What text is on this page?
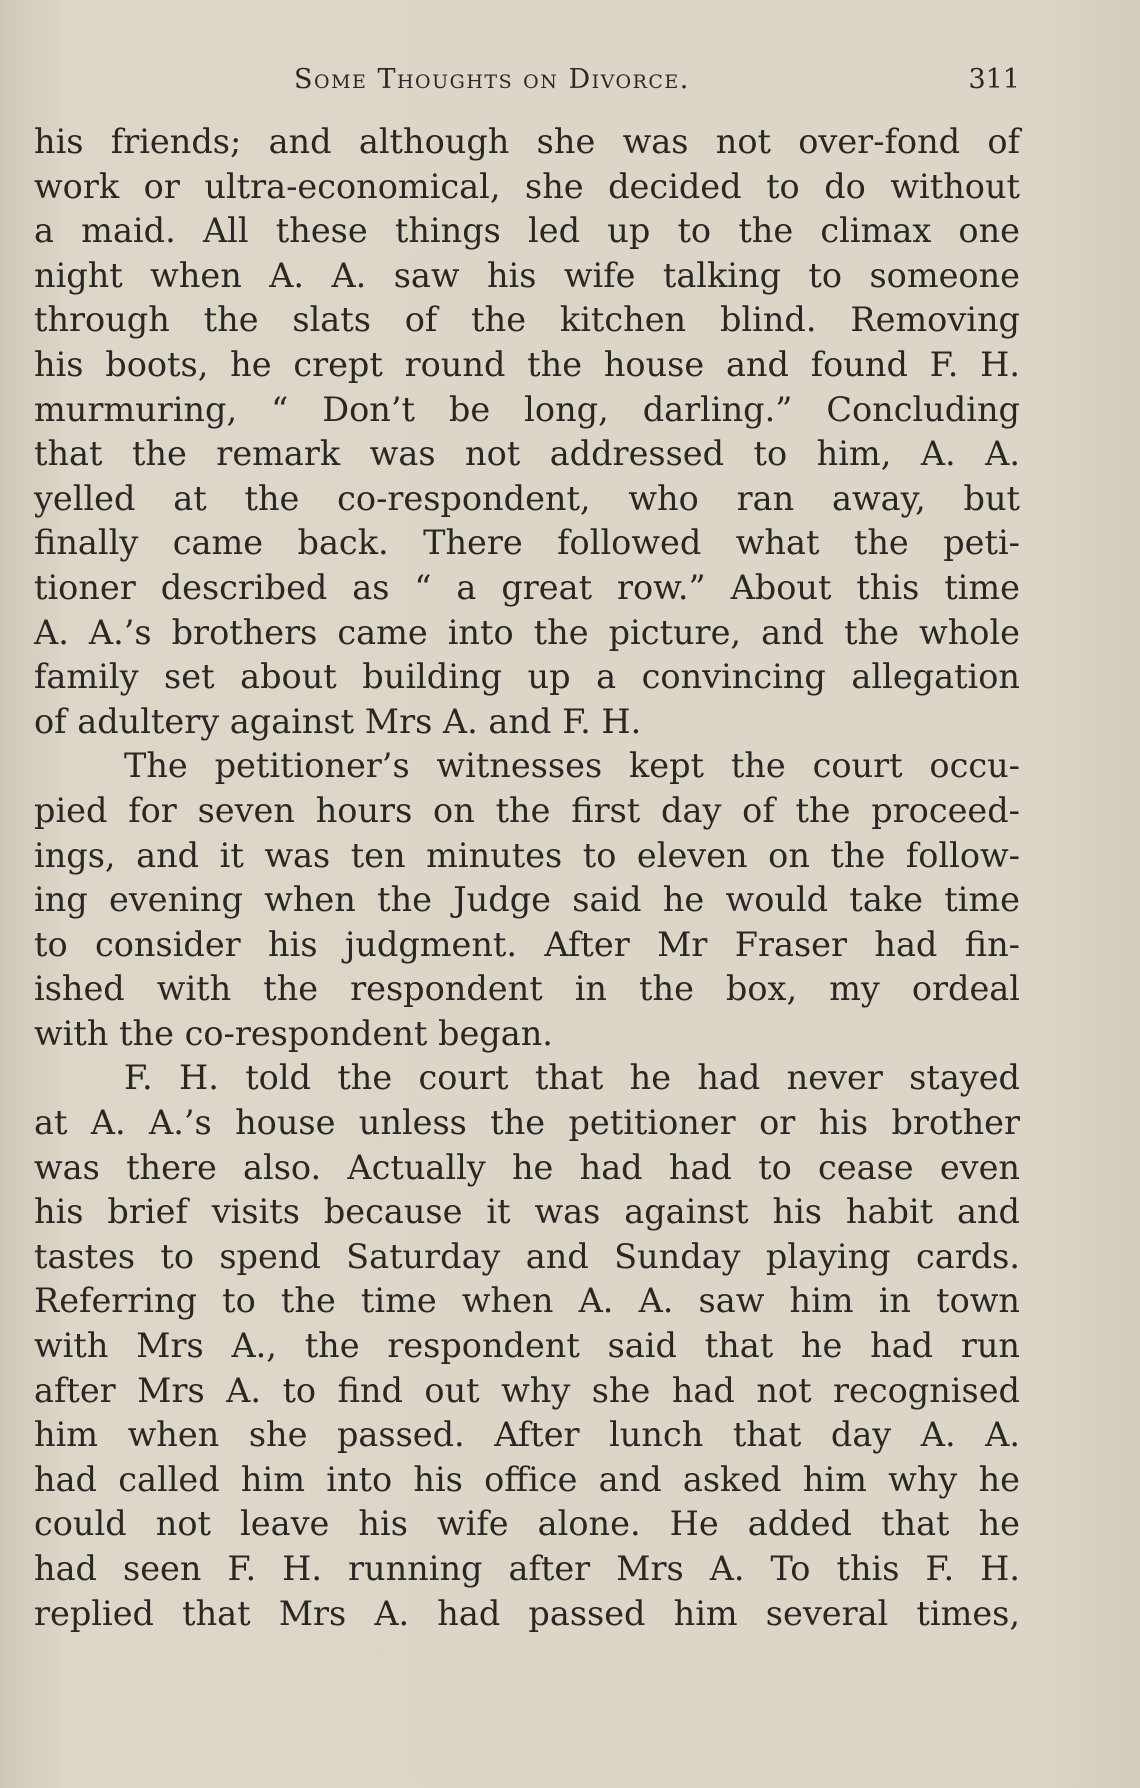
Some Thoughts on Divorce.	311
his friends; and although she was not over-fond of
work or ultra-economical, she decided to do without
a maid. All these things led up to the climax one
night when A. A. saw his wife talking to someone
through the slats of the kitchen blind. Removing
his boots, he crept round the house and found F. H.
murmuring, “ Don’t be long, darling.” Concluding
that the remark was not addressed to him, A. A.
yelled at the co-respondent, who ran away, but
finally came back. There followed what the peti-
tioner described as “ a great row.” About this time
A. A.’s brothers came into the picture, and the whole
family set about building up a convincing allegation
of adultery against Mrs A. and F. H.
The petitioner’s witnesses kept the court occu-
pied for seven hours on the first day of the proceed-
ings, and it was ten minutes to eleven on the follow-
ing evening when the Judge said he would take time
to consider his judgment. After Mr Fraser had fin-
ished with the respondent in the box, my ordeal
with the co-respondent began.
F. H. told the court that he had never stayed
at A. A.’s house unless the petitioner or his brother
was there also. Actually he had had to cease even
his brief visits because it was against his habit and
tastes to spend Saturday and Sunday playing cards.
Referring to the time when A. A. saw him in town
with Mrs A., the respondent said that he had run
after Mrs A. to find out why she had not recognised
him when she passed. After lunch that day A. A.
had called him into his office and asked him why he
could not leave his wife alone. He added that he
had seen F. H. running after Mrs A. To this F. H.
replied that Mrs A. had passed him several times,
